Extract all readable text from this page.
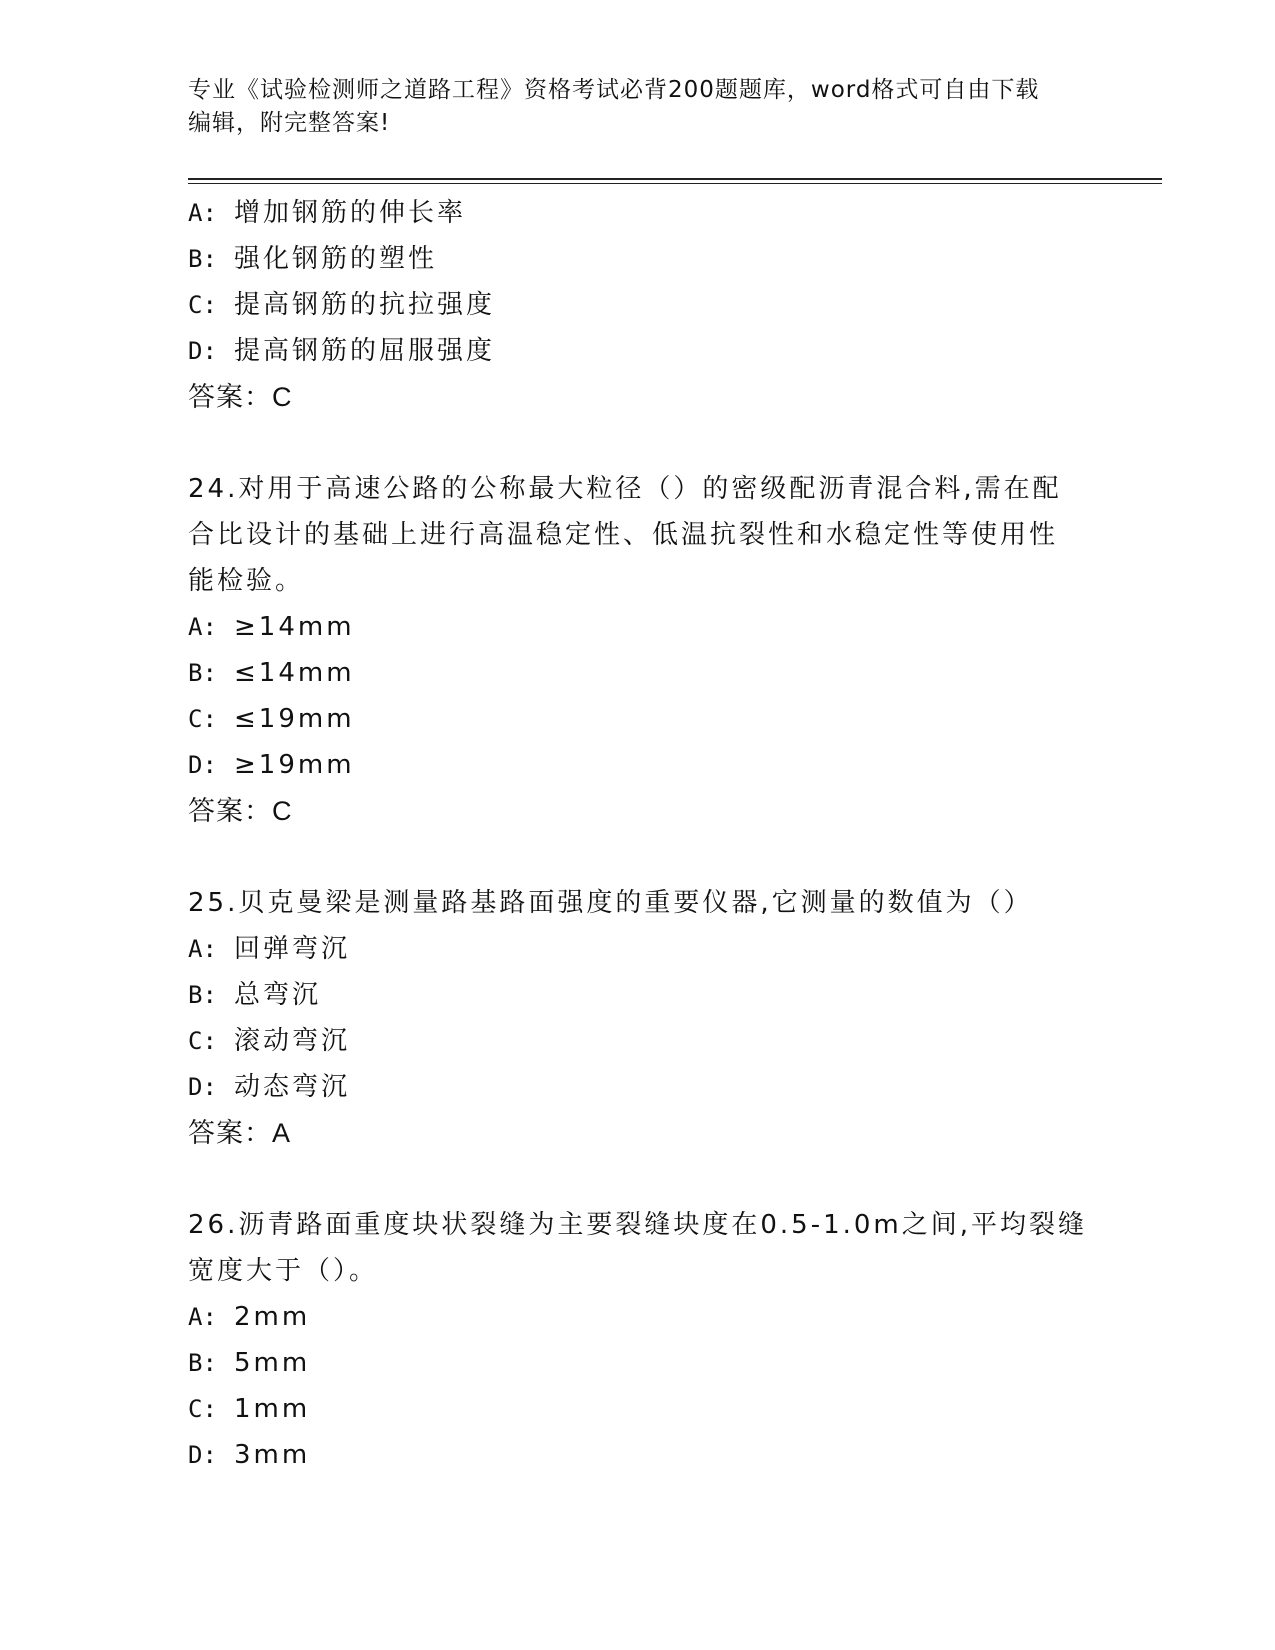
专业《试验检测师之道路工程》资格考试必背200题题库，word格式可自由下载
编辑，附完整答案!
A: 增加钢筋的伸长率
B: 强化钢筋的塑性
C: 提高钢筋的抗拉强度
D: 提高钢筋的屈服强度
答案：C
24.对用于高速公路的公称最大粒径（）的密级配沥青混合料,需在配
合比设计的基础上进行高温稳定性、低温抗裂性和水稳定性等使用性
能检验。
A: ≥14mm
B: ≤14mm
C: ≤19mm
D: ≥19mm
答案：C
25.贝克曼梁是测量路基路面强度的重要仪器,它测量的数值为（）
A: 回弹弯沉
B: 总弯沉
C: 滚动弯沉
D: 动态弯沉
答案：A
26.沥青路面重度块状裂缝为主要裂缝块度在0.5-1.0m之间,平均裂缝
宽度大于（）。
A: 2mm
B: 5mm
C: 1mm
D: 3mm
